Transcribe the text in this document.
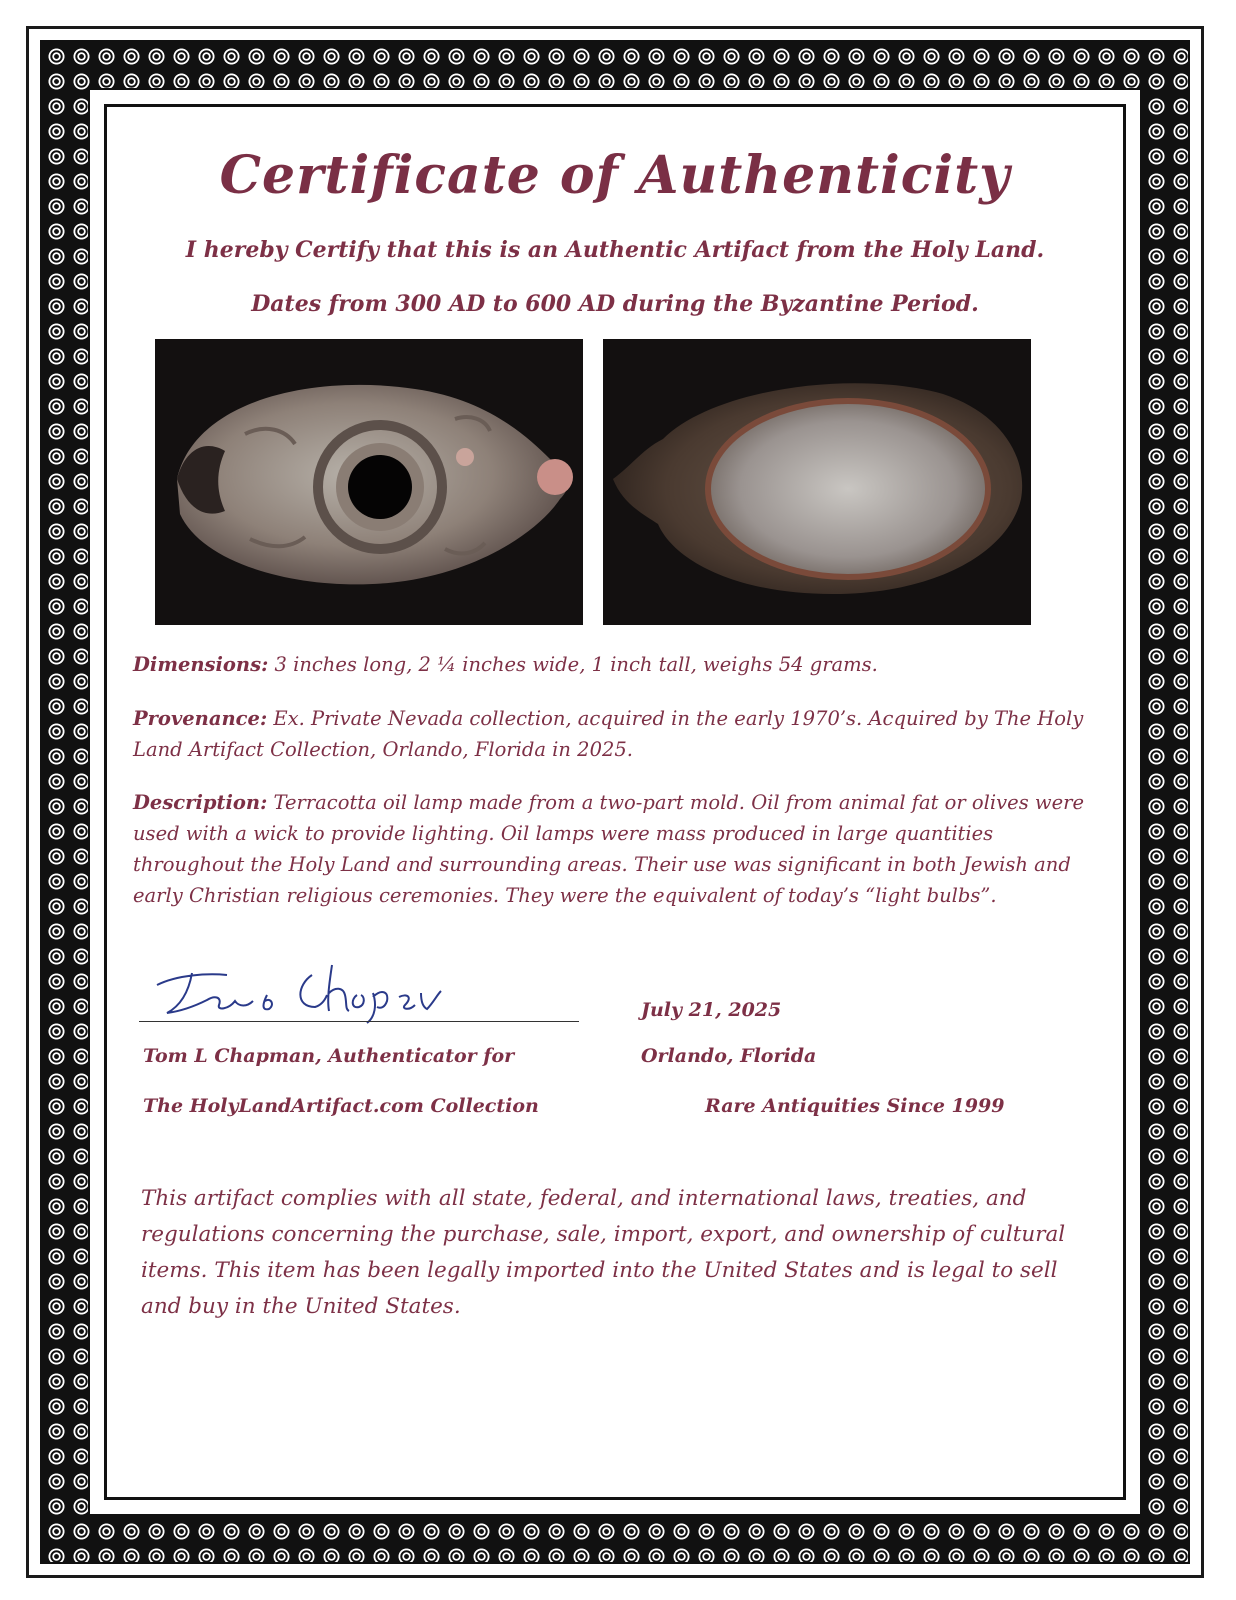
Certificate of Authenticity
I hereby Certify that this is an Authentic Artifact from the Holy Land.
Dates from 300 AD to 600 AD during the Byzantine Period.
Dimensions: 3 inches long, 2 ¼ inches wide, 1 inch tall, weighs 54 grams.
Provenance: Ex. Private Nevada collection, acquired in the early 1970’s. Acquired by The Holy Land Artifact Collection, Orlando, Florida in 2025.
Description: Terracotta oil lamp made from a two-part mold. Oil from animal fat or olives were used with a wick to provide lighting. Oil lamps were mass produced in large quantities throughout the Holy Land and surrounding areas. Their use was significant in both Jewish and early Christian religious ceremonies. They were the equivalent of today’s “light bulbs”.
July 21, 2025
Tom L Chapman, Authenticator for	Orlando, Florida
The HolyLandArtifact.com Collection	Rare Antiquities Since 1999
This artifact complies with all state, federal, and international laws, treaties, and regulations concerning the purchase, sale, import, export, and ownership of cultural items. This item has been legally imported into the United States and is legal to sell and buy in the United States.
